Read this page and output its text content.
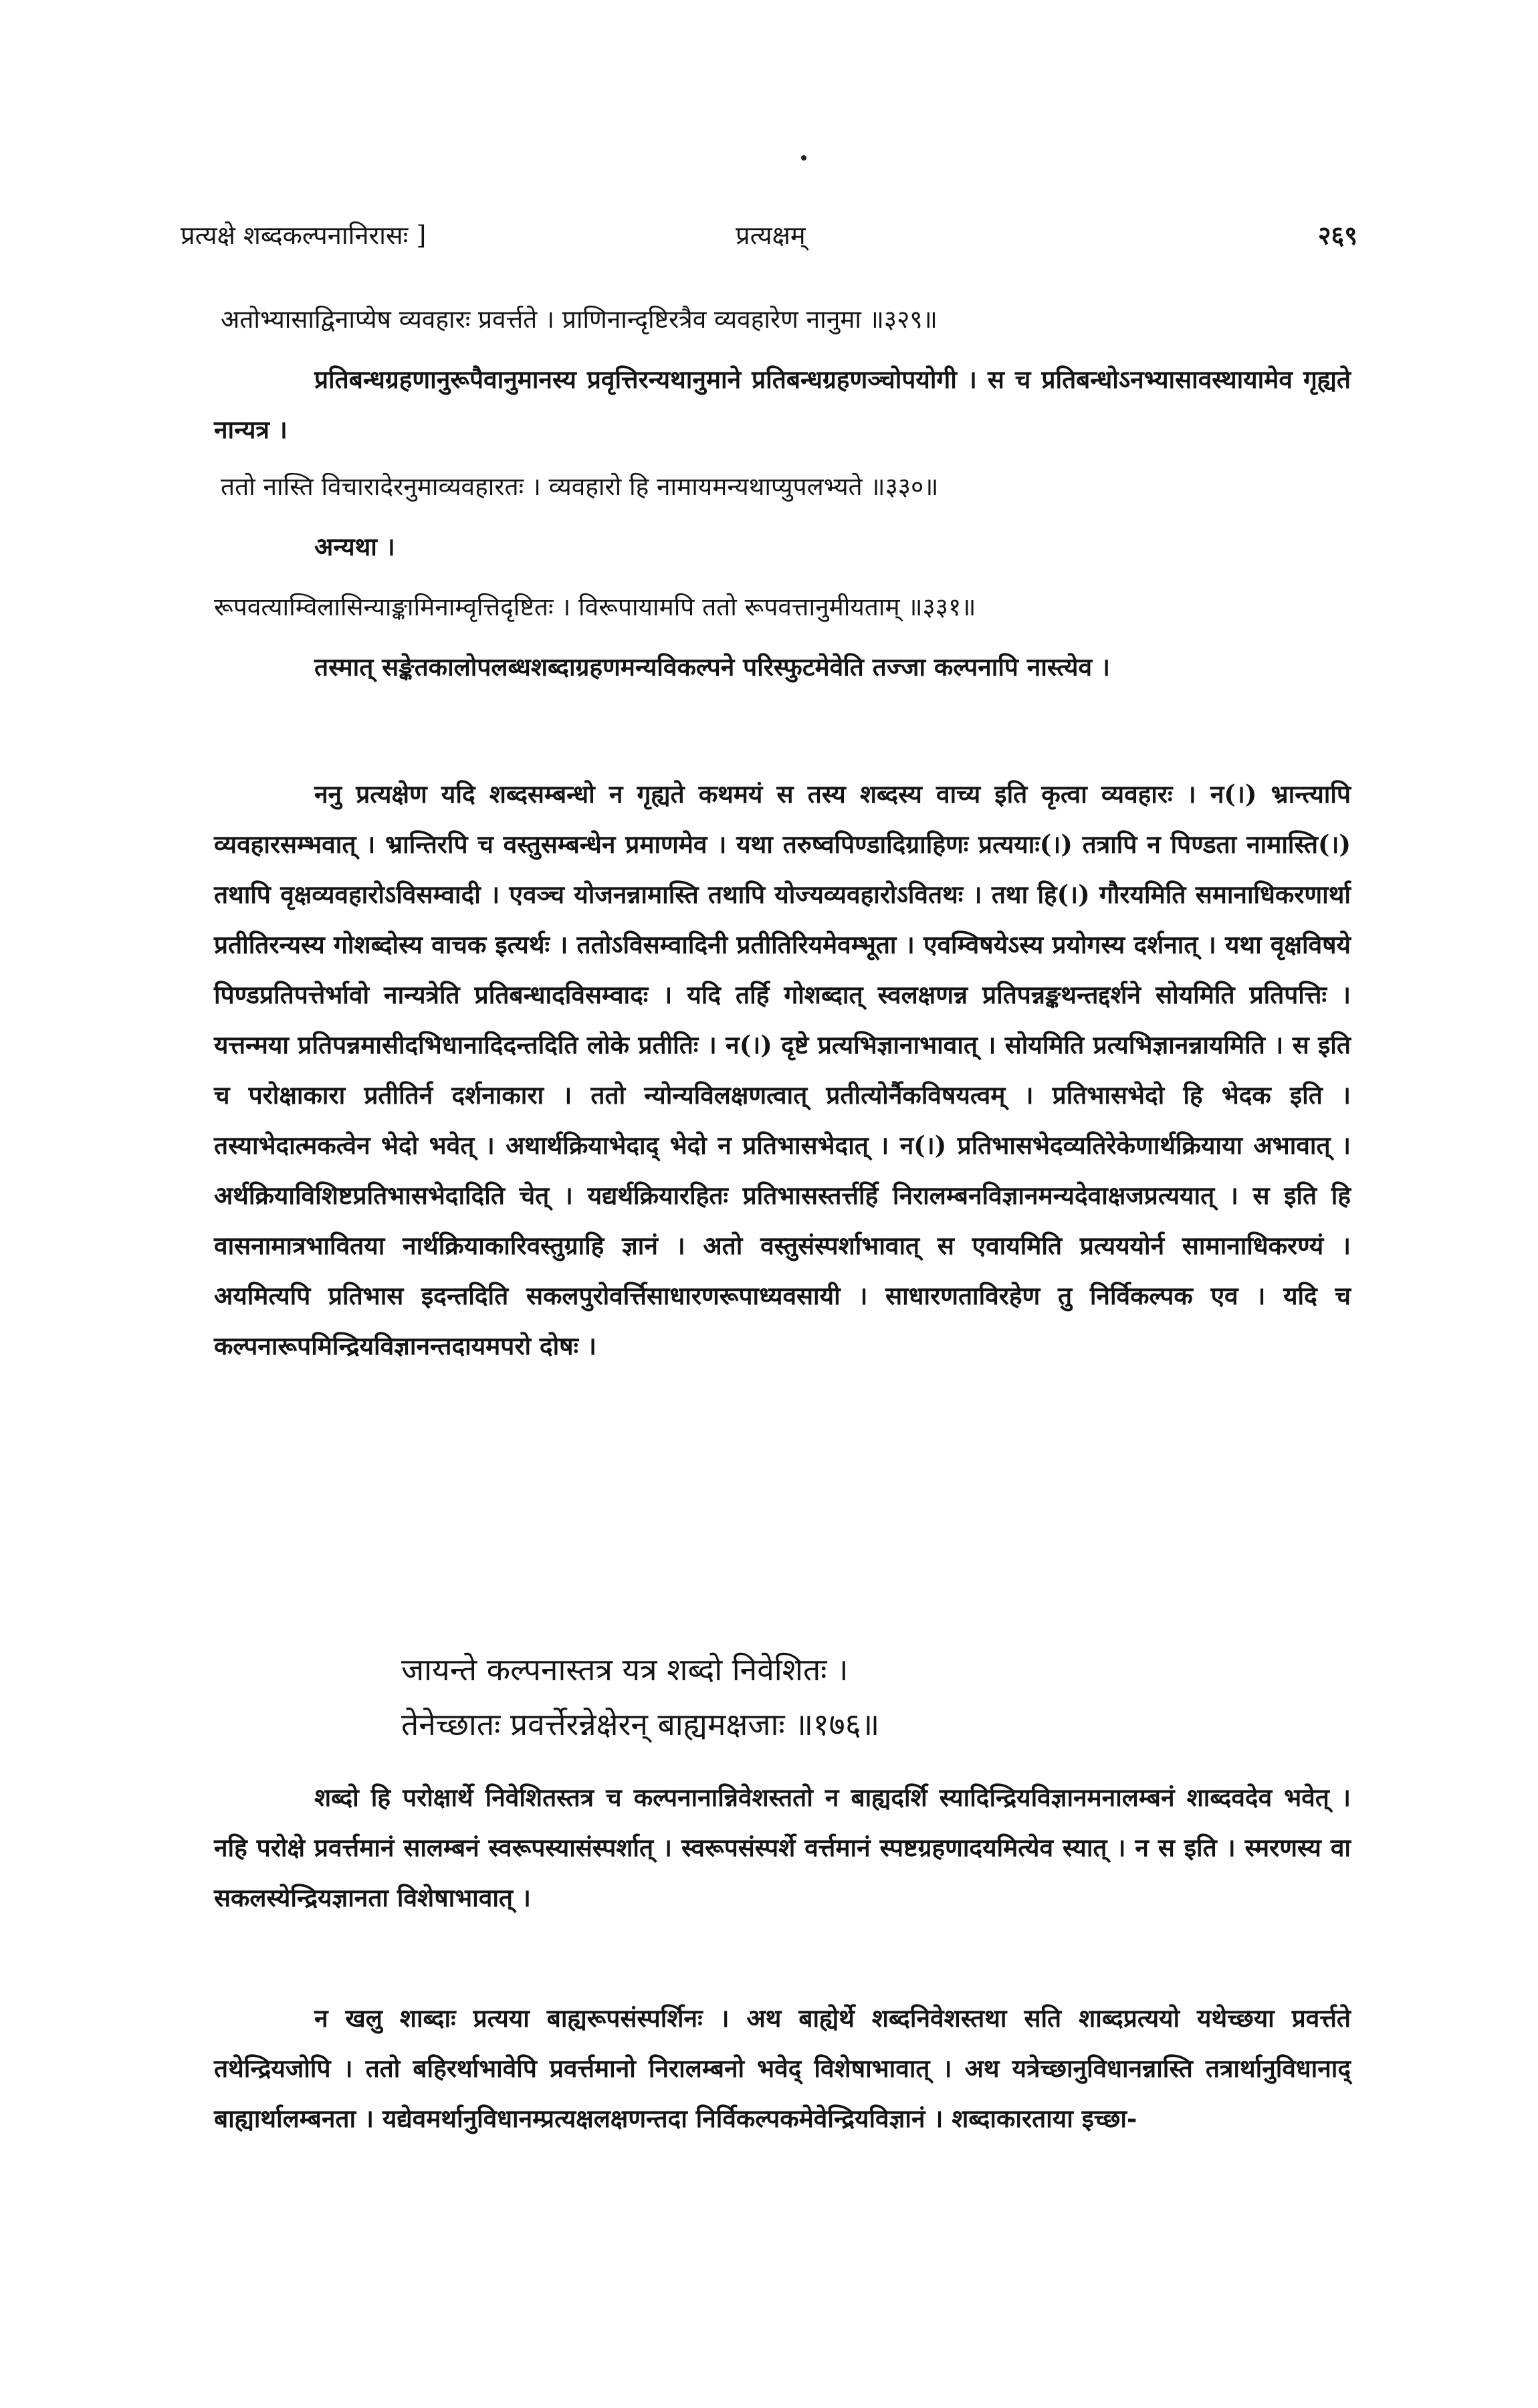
प्रत्यक्षे शब्दकल्पनानिरासः ]	प्रत्यक्षम्	२६९
अतोभ्यासाद्विनाप्येष व्यवहारः प्रवर्त्तते । प्राणिनान्दृष्टिरत्रैव व्यवहारेण नानुमा ॥३२९॥
प्रतिबन्धग्रहणानुरूपैवानुमानस्य प्रवृत्तिरन्यथानुमाने प्रतिबन्धग्रहणञ्चोपयोगी । स च प्रतिबन्धोऽनभ्यासावस्थायामेव गृह्यते नान्यत्र ।
ततो नास्ति विचारादेरनुमाव्यवहारतः । व्यवहारो हि नामायमन्यथाप्युपलभ्यते ॥३३०॥
अन्यथा ।
रूपवत्याम्विलासिन्याङ्कामिनाम्वृत्तिदृष्टितः । विरूपायामपि ततो रूपवत्तानुमीयताम् ॥३३१॥
तस्मात् सङ्केतकालोपलब्धशब्दाग्रहणमन्यविकल्पने परिस्फुटमेवेति तज्जा कल्पनापि नास्त्येव ।
ननु प्रत्यक्षेण यदि शब्दसम्बन्धो न गृह्यते कथमयं स तस्य शब्दस्य वाच्य इति कृत्वा व्यवहारः । न(।) भ्रान्त्यापि व्यवहारसम्भवात् । भ्रान्तिरपि च वस्तुसम्बन्धेन प्रमाणमेव । यथा तरुष्वपिण्डादिग्राहिणः प्रत्ययाः(।) तत्रापि न पिण्डता नामास्ति(।) तथापि वृक्षव्यवहारोऽविसम्वादी । एवञ्च योजनन्नामास्ति तथापि योज्यव्यवहारोऽवितथः । तथा हि(।) गौरयमिति समानाधिकरणार्था प्रतीतिरन्यस्य गोशब्दोस्य वाचक इत्यर्थः । ततोऽविसम्वादिनी प्रतीतिरियमेवम्भूता । एवम्विषयेऽस्य प्रयोगस्य दर्शनात् । यथा वृक्षविषये पिण्डप्रतिपत्तेर्भावो नान्यत्रेति प्रतिबन्धादविसम्वादः । यदि तर्हि गोशब्दात् स्वलक्षणन्न प्रतिपन्नङ्कथन्तद्दर्शने सोयमिति प्रतिपत्तिः । यत्तन्मया प्रतिपन्नमासीदभिधानादिदन्तदिति लोके प्रतीतिः । न(।) दृष्टे प्रत्यभिज्ञानाभावात् । सोयमिति प्रत्यभिज्ञानन्नायमिति । स इति च परोक्षाकारा प्रतीतिर्न दर्शनाकारा । ततो न्योन्यविलक्षणत्वात् प्रतीत्योर्नैकविषयत्वम् । प्रतिभासभेदो हि भेदक इति । तस्याभेदात्मकत्वेन भेदो भवेत् । अथार्थक्रियाभेदाद् भेदो न प्रतिभासभेदात् । न(।) प्रतिभासभेदव्यतिरेकेणार्थक्रियाया अभावात् । अर्थक्रियाविशिष्टप्रतिभासभेदादिति चेत् । यद्यर्थक्रियारहितः प्रतिभासस्तर्त्तर्हि निरालम्बनविज्ञानमन्यदेवाक्षजप्रत्ययात् । स इति हि वासनामात्रभावितया नार्थक्रियाकारिवस्तुग्राहि ज्ञानं । अतो वस्तुसंस्पर्शाभावात् स एवायमिति प्रत्यययोर्न सामानाधिकरण्यं । अयमित्यपि प्रतिभास इदन्तदिति सकलपुरोवर्त्तिसाधारणरूपाध्यवसायी । साधारणताविरहेण तु निर्विकल्पक एव । यदि च कल्पनारूपमिन्द्रियविज्ञानन्तदायमपरो दोषः ।
जायन्ते कल्पनास्तत्र यत्र शब्दो निवेशितः ।
तेनेच्छातः प्रवर्त्तेरन्नेक्षेरन् बाह्यमक्षजाः ॥१७६॥
शब्दो हि परोक्षार्थे निवेशितस्तत्र च कल्पनानान्निवेशस्ततो न बाह्यदर्शि स्यादिन्द्रियविज्ञानमनालम्बनं शाब्दवदेव भवेत् । नहि परोक्षे प्रवर्त्तमानं सालम्बनं स्वरूपस्यासंस्पर्शात् । स्वरूपसंस्पर्शे वर्त्तमानं स्पष्टग्रहणादयमित्येव स्यात् । न स इति । स्मरणस्य वा सकलस्येन्द्रियज्ञानता विशेषाभावात् ।
न खलु शाब्दाः प्रत्यया बाह्यरूपसंस्पर्शिनः । अथ बाह्येर्थे शब्दनिवेशस्तथा सति शाब्दप्रत्ययो यथेच्छया प्रवर्त्तते तथेन्द्रियजोपि । ततो बहिरर्थाभावेपि प्रवर्त्तमानो निरालम्बनो भवेद् विशेषाभावात् । अथ यत्रेच्छानुविधानन्नास्ति तत्रार्थानुविधानाद् बाह्यार्थालम्बनता । यद्येवमर्थानुविधानम्प्रत्यक्षलक्षणन्तदा निर्विकल्पकमेवेन्द्रियविज्ञानं । शब्दाकारताया इच्छा-
